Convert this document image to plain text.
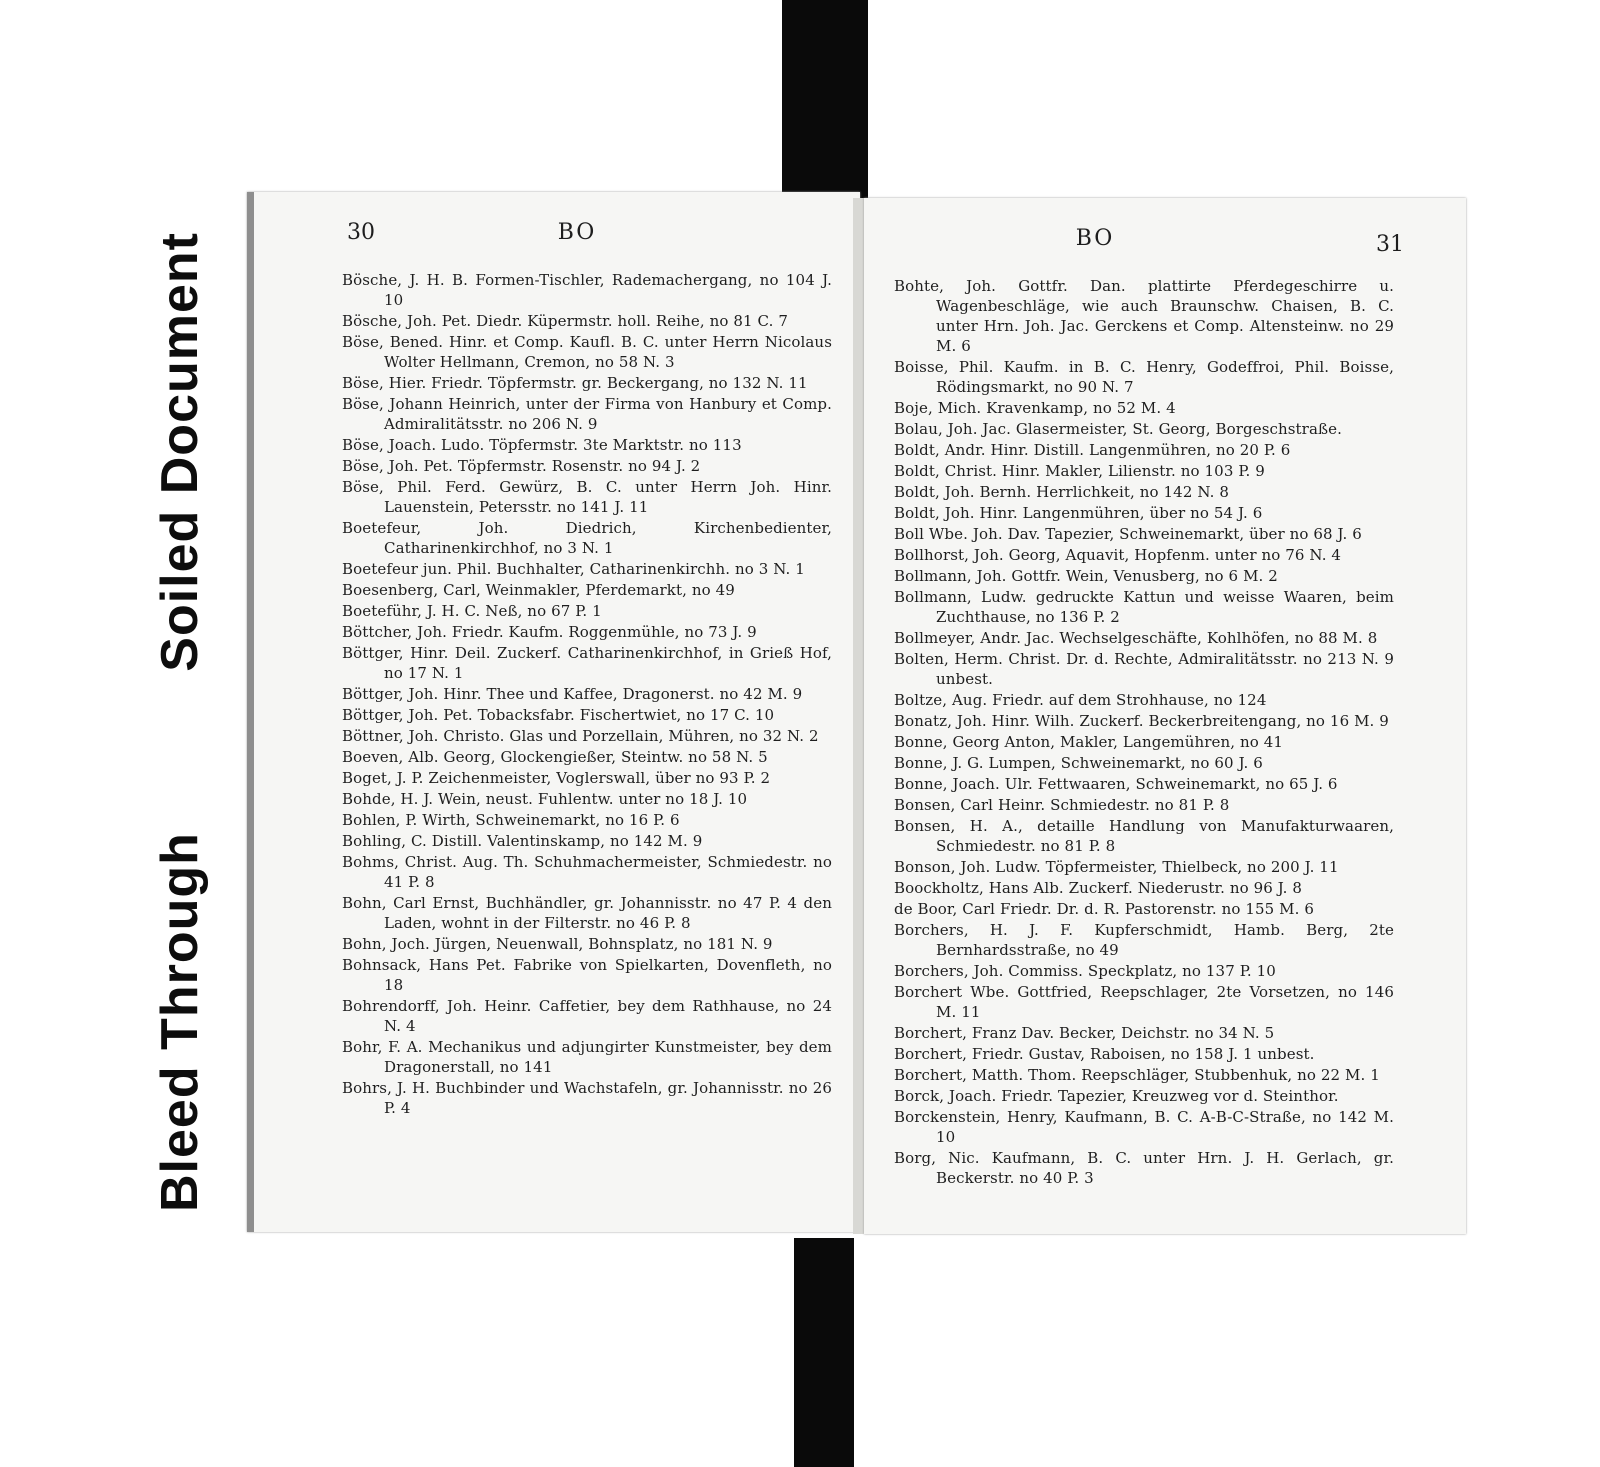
Bleed Through
Soiled Document	30	BO
Bösche, J. H. B. Formen-Tischler, Rademachergang, no 104 J. 10
Bösche, Joh. Pet. Diedr. Küpermstr. holl. Reihe, no 81 C. 7
Böse, Bened. Hinr. et Comp. Kaufl. B. C. unter Herrn Nicolaus Wolter Hellmann, Cremon, no 58 N. 3
Böse, Hier. Friedr. Töpfermstr. gr. Beckergang, no 132 N. 11
Böse, Johann Heinrich, unter der Firma von Hanbury et Comp. Admiralitätsstr. no 206 N. 9
Böse, Joach. Ludo. Töpfermstr. 3te Marktstr. no 113
Böse, Joh. Pet. Töpfermstr. Rosenstr. no 94 J. 2
Böse, Phil. Ferd. Gewürz, B. C. unter Herrn Joh. Hinr. Lauenstein, Petersstr. no 141 J. 11
Boetefeur, Joh. Diedrich, Kirchenbedienter, Catharinenkirchhof, no 3 N. 1
Boetefeur jun. Phil. Buchhalter, Catharinenkirchh. no 3 N. 1
Boesenberg, Carl, Weinmakler, Pferdemarkt, no 49
Boeteführ, J. H. C. Neß, no 67 P. 1
Böttcher, Joh. Friedr. Kaufm. Roggenmühle, no 73 J. 9
Böttger, Hinr. Deil. Zuckerf. Catharinenkirchhof, in Grieß Hof, no 17 N. 1
Böttger, Joh. Hinr. Thee und Kaffee, Dragonerst. no 42 M. 9
Böttger, Joh. Pet. Tobacksfabr. Fischertwiet, no 17 C. 10
Böttner, Joh. Christo. Glas und Porzellain, Mühren, no 32 N. 2
Boeven, Alb. Georg, Glockengießer, Steintw. no 58 N. 5
Boget, J. P. Zeichenmeister, Voglerswall, über no 93 P. 2
Bohde, H. J. Wein, neust. Fuhlentw. unter no 18 J. 10
Bohlen, P. Wirth, Schweinemarkt, no 16 P. 6
Bohling, C. Distill. Valentinskamp, no 142 M. 9
Bohms, Christ. Aug. Th. Schuhmachermeister, Schmiedestr. no 41 P. 8
Bohn, Carl Ernst, Buchhändler, gr. Johannisstr. no 47 P. 4 den Laden, wohnt in der Filterstr. no 46 P. 8
Bohn, Joch. Jürgen, Neuenwall, Bohnsplatz, no 181 N. 9
Bohnsack, Hans Pet. Fabrike von Spielkarten, Dovenfleth, no 18
Bohrendorff, Joh. Heinr. Caffetier, bey dem Rathhause, no 24 N. 4
Bohr, F. A. Mechanikus und adjungirter Kunstmeister, bey dem Dragonerstall, no 141
Bohrs, J. H. Buchbinder und Wachstafeln, gr. Johannisstr. no 26 P. 4
BO	31
Bohte, Joh. Gottfr. Dan. plattirte Pferdegeschirre u. Wagenbeschläge, wie auch Braunschw. Chaisen, B. C. unter Hrn. Joh. Jac. Gerckens et Comp. Altensteinw. no 29 M. 6
Boisse, Phil. Kaufm. in B. C. Henry, Godeffroi, Phil. Boisse, Rödingsmarkt, no 90 N. 7
Boje, Mich. Kravenkamp, no 52 M. 4
Bolau, Joh. Jac. Glasermeister, St. Georg, Borgeschstraße.
Boldt, Andr. Hinr. Distill. Langenmühren, no 20 P. 6
Boldt, Christ. Hinr. Makler, Lilienstr. no 103 P. 9
Boldt, Joh. Bernh. Herrlichkeit, no 142 N. 8
Boldt, Joh. Hinr. Langenmühren, über no 54 J. 6
Boll Wbe. Joh. Dav. Tapezier, Schweinemarkt, über no 68 J. 6
Bollhorst, Joh. Georg, Aquavit, Hopfenm. unter no 76 N. 4
Bollmann, Joh. Gottfr. Wein, Venusberg, no 6 M. 2
Bollmann, Ludw. gedruckte Kattun und weisse Waaren, beim Zuchthause, no 136 P. 2
Bollmeyer, Andr. Jac. Wechselgeschäfte, Kohlhöfen, no 88 M. 8
Bolten, Herm. Christ. Dr. d. Rechte, Admiralitätsstr. no 213 N. 9 unbest.
Boltze, Aug. Friedr. auf dem Strohhause, no 124
Bonatz, Joh. Hinr. Wilh. Zuckerf. Beckerbreitengang, no 16 M. 9
Bonne, Georg Anton, Makler, Langemühren, no 41
Bonne, J. G. Lumpen, Schweinemarkt, no 60 J. 6
Bonne, Joach. Ulr. Fettwaaren, Schweinemarkt, no 65 J. 6
Bonsen, Carl Heinr. Schmiedestr. no 81 P. 8
Bonsen, H. A., detaille Handlung von Manufakturwaaren, Schmiedestr. no 81 P. 8
Bonson, Joh. Ludw. Töpfermeister, Thielbeck, no 200 J. 11
Boockholtz, Hans Alb. Zuckerf. Niederustr. no 96 J. 8
de Boor, Carl Friedr. Dr. d. R. Pastorenstr. no 155 M. 6
Borchers, H. J. F. Kupferschmidt, Hamb. Berg, 2te Bernhardsstraße, no 49
Borchers, Joh. Commiss. Speckplatz, no 137 P. 10
Borchert Wbe. Gottfried, Reepschlager, 2te Vorsetzen, no 146 M. 11
Borchert, Franz Dav. Becker, Deichstr. no 34 N. 5
Borchert, Friedr. Gustav, Raboisen, no 158 J. 1 unbest.
Borchert, Matth. Thom. Reepschläger, Stubbenhuk, no 22 M. 1
Borck, Joach. Friedr. Tapezier, Kreuzweg vor d. Steinthor.
Borckenstein, Henry, Kaufmann, B. C. A-B-C-Straße, no 142 M. 10
Borg, Nic. Kaufmann, B. C. unter Hrn. J. H. Gerlach, gr. Beckerstr. no 40 P. 3
